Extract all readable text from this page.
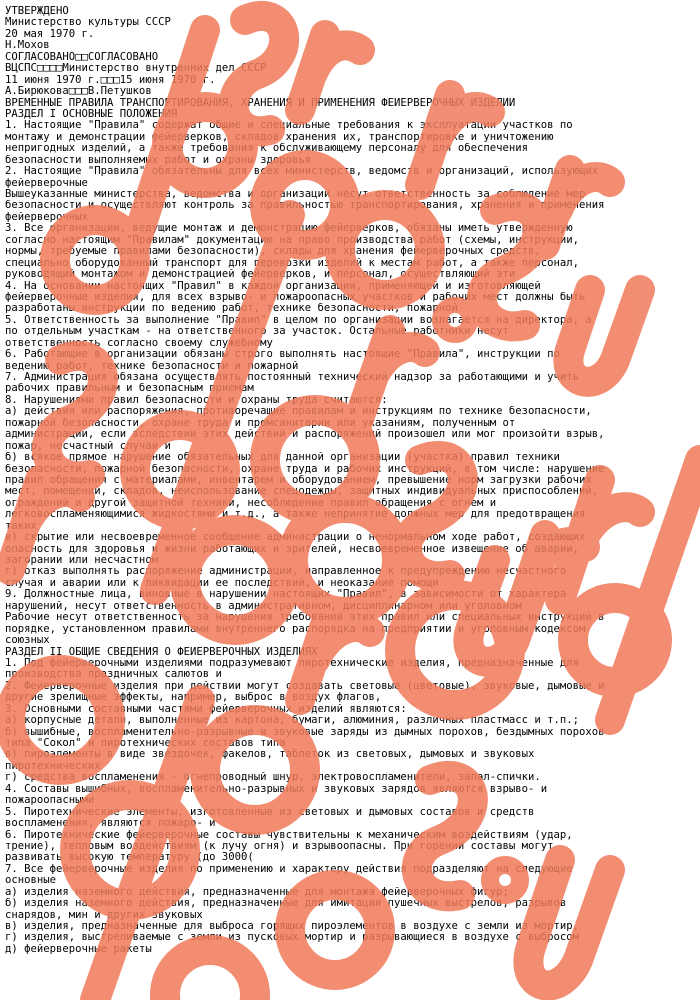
УТВЕРЖДЕНО
Министерство культуры СССР
20 мая 1970 г.
Н.Мохов
СОГЛАСОВАНО□□СОГЛАСОВАНО
ВЦСПС□□□□Министерство внутренних дел СССР
11 июня 1970 г.□□□15 июня 1970 г.
А.Бирюкова□□□В.Петушков
ВРЕМЕННЫЕ ПРАВИЛА ТРАНСПОРТИРОВАНИЯ, ХРАНЕНИЯ И ПРИМЕНЕНИЯ ФЕЙЕРВЕРОЧНЫХ ИЗДЕЛИЙ
РАЗДЕЛ I ОСНОВНЫЕ ПОЛОЖЕНИЯ
1. Настоящие "Правила" содержат общие и специальные требования к эксплуатации участков по
монтажу и демонстрации фейерверков, складов хранения их, транспортировке и уничтожению
непригодных изделий, а также требования к обслуживающему персоналу для обеспечения
безопасности выполняемых работ и охраны здоровья
2. Настоящие "Правила" обязательны для всех министерств, ведомств и организаций, использующих
фейерверочные
Вышеуказанные министерства, ведомства и организации несут ответственность за соблюдение мер
безопасности и осуществляют контроль за правильностью транспортирования, хранения и применения
фейерверочных
3. Все организации, ведущие монтаж и демонстрацию фейерверков, обязаны иметь утвержденную
согласно настоящим "Правилам" документацию на право производства работ (схемы, инструкции,
нормы, требуемые правилами безопасности), склады для хранения фейерверочных средств,
специально оборудованный транспорт для перевозки изделий к местам работ, а также персонал,
руководящий монтажом и демонстрацией фейерверков, и персонал, осуществляющий эти
4. На основании настоящих "Правил" в каждой организации, применяющей и изготовляющей
фейерверочные изделия, для всех взрыво- и пожароопасных участков и рабочих мест должны быть
разработаны инструкции по ведению работ, технике безопасности, пожарной
5. Ответственность за выполнение "Правил" в целом по организации возлагается на директора, а
по отдельным участкам - на ответственного за участок. Остальные работники несут
ответственность согласно своему служебному
6. Работающие в организации обязаны строго выполнять настоящие "Правила", инструкции по
ведению работ, технике безопасности и пожарной
7. Администрация обязана осуществлять постоянный технический надзор за работающими и учить
рабочих правильным и безопасным приемам
8. Нарушениями правил безопасности и охраны труда считаются:
а) действия или распоряжения, противоречащие правилам и инструкциям по технике безопасности,
пожарной безопасности, охране труда и промсанитарии или указаниям, полученным от
администрации, если вследствии этих действий и распоряжений произошел или мог произойти взрыв,
пожар, несчастный случай и
б) всякое прямое нарушение обязательных для данной организации (участка) правил техники
безопасности, пожарной безопасности, охране труда и рабочих инструкций, в том числе: нарушение
правил обращения с материалами, инвентарем и оборудованием, превышение норм загрузки рабочих
мест, помещений, складов, неиспользование спецодежды, защитных индивидуальных приспособлений,
ограждений и другой защитной техники, несоблюдение правил обращения с огнем и
легковоспламеняющимися жидкостями и т.д., а также непринятие должных мер для предотвращения
таких
в) скрытие или несвоевременное сообщение администрации о ненормальном ходе работ, создающих
опасность для здоровья и жизни работающих и зрителей, несвоевременное извещение об аварии,
загорании или несчастном
г) отказ выполнять распоряжение администрации, направленное к предупреждению несчастного
случая и аварии или к ликвидации ее последствий, и неоказание помощи
9. Должностные лица, виновные в нарушении настоящих "Правил", в зависимости от характера
нарушений, несут ответственность в административном, дисциплинарном или уголовном
Рабочие несут ответственность за нарушения требований этих правил или специальных инструкций в
порядке, установленном правилами внутреннего распорядка на предприятии и уголовным кодексом
союзных
РАЗДЕЛ II ОБЩИЕ СВЕДЕНИЯ О ФЕЙЕРВЕРОЧНЫХ ИЗДЕЛИЯХ
1. Под фейерверочными изделиями подразумевают пиротехнические изделия, предназначенные для
производства праздничных салютов и
2. Фейерверочные изделия при действии могут создавать световые (цветовые), звуковые, дымовые и
другие зрелищные эффекты, например, выброс в воздух флагов,
3. Основными составными частями фейерверочных изделий являются:
а) корпусные детали, выполненные из картона, бумаги, алюминия, различных пластмасс и т.п.;
б) вышибные, воспламенительно-разрывные и звуковые заряды из дымных порохов, бездымных порохов
типа "Сокол" и пиротехнических составов типа
в) пироэлементы в виде звездочек, факелов, таблеток из световых, дымовых и звуковых
пиротехнических
г) средства воспламенения - огнепроводный шнур, электровоспламенители, запал-спички.
4. Составы вышибных, воспламенительно-разрывных и звуковых зарядов являются взрыво- и
пожароопасными
5. Пиротехнические элементы, изготовленные из световых и дымовых составов и средств
воспламенения, являются пожаро- и
6. Пиротехнические фейерверочные составы чувствительны к механическим воздействиям (удар,
трение), тепловым воздействиям (к лучу огня) и взрывоопасны. При горении составы могут
развивать высокую температуру (до 3000(
7. Все фейерверочные изделия по применению и характеру действия подразделяют на следующие
основные
а) изделия наземного действия, предназначенные для монтажа фейерверочных фигур;
б) изделия наземного действия, предназначенные для имитации пушечных выстрелов, разрывов
снарядов, мин и других звуковых
в) изделия, предназначенные для выброса горящих пироэлементов в воздухе с земли из мортир,
г) изделия, выстреливаемые с земли из пусковых мортир и разрывающиеся в воздухе с выбросом
д) фейерверочные ракеты
